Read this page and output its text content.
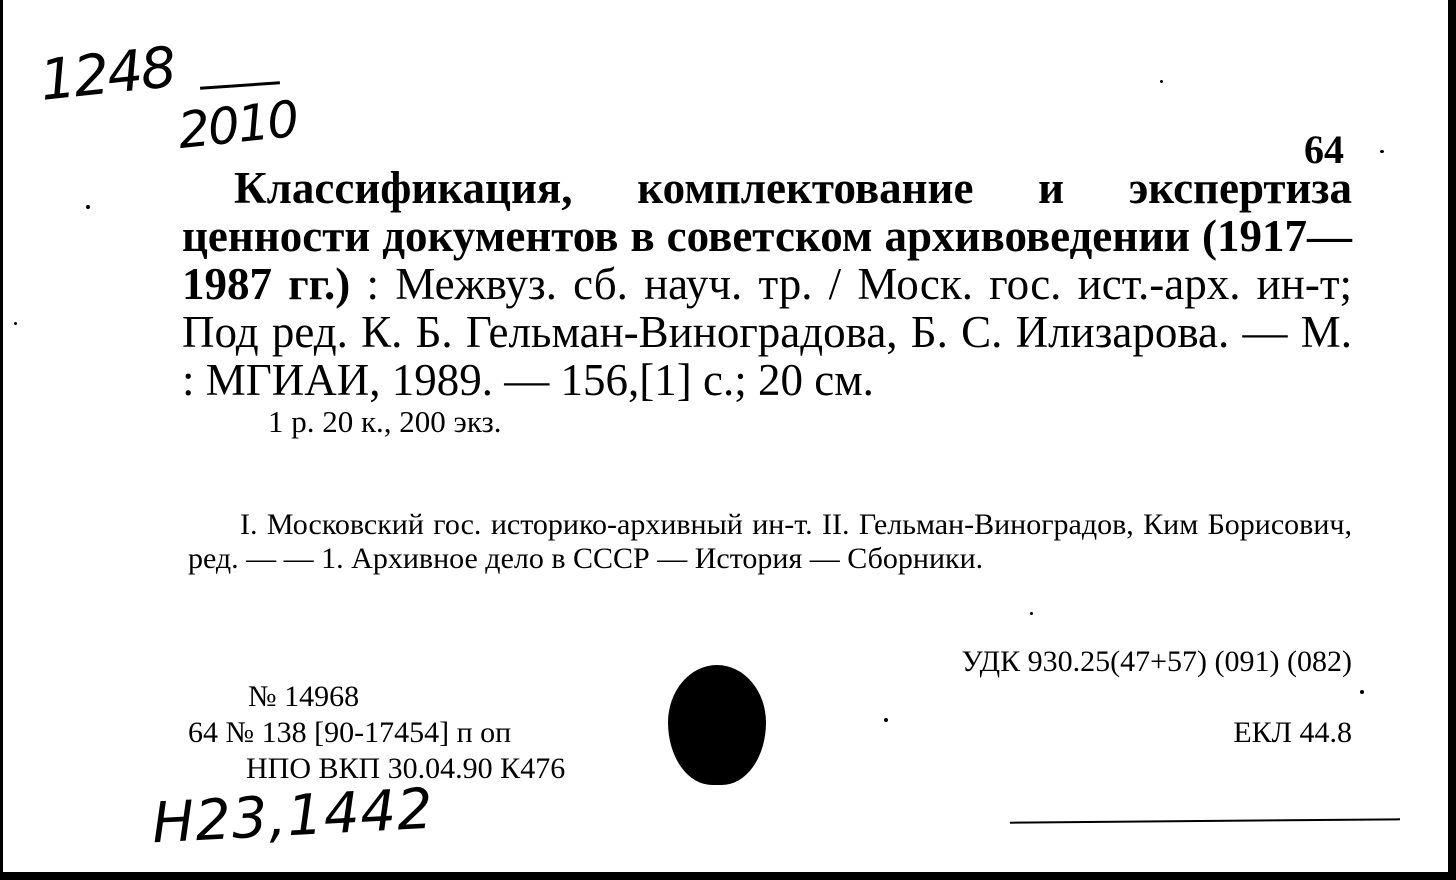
1248
2010	64
Классификация, комплектование и экспертиза ценности документов в советском архивоведении (1917—1987 гг.) : Межвуз. сб. науч. тр. / Моск. гос. ист.-арх. ин-т; Под ред. К. Б. Гельман-Виноградова, Б. С. Илизарова. — М. : МГИАИ, 1989. — 156,[1] с.; 20 см.
1 р. 20 к., 200 экз.
I. Московский гос. историко-архивный ин-т. II. Гельман-Виноградов, Ким Борисович, ред. — — 1. Архивное дело в СССР — История — Сборники.
УДК 930.25(47+57) (091) (082)
ЕКЛ 44.8
№ 14968
64 № 138 [90-17454] п оп
НПО ВКП 30.04.90 К476
H23,1442
